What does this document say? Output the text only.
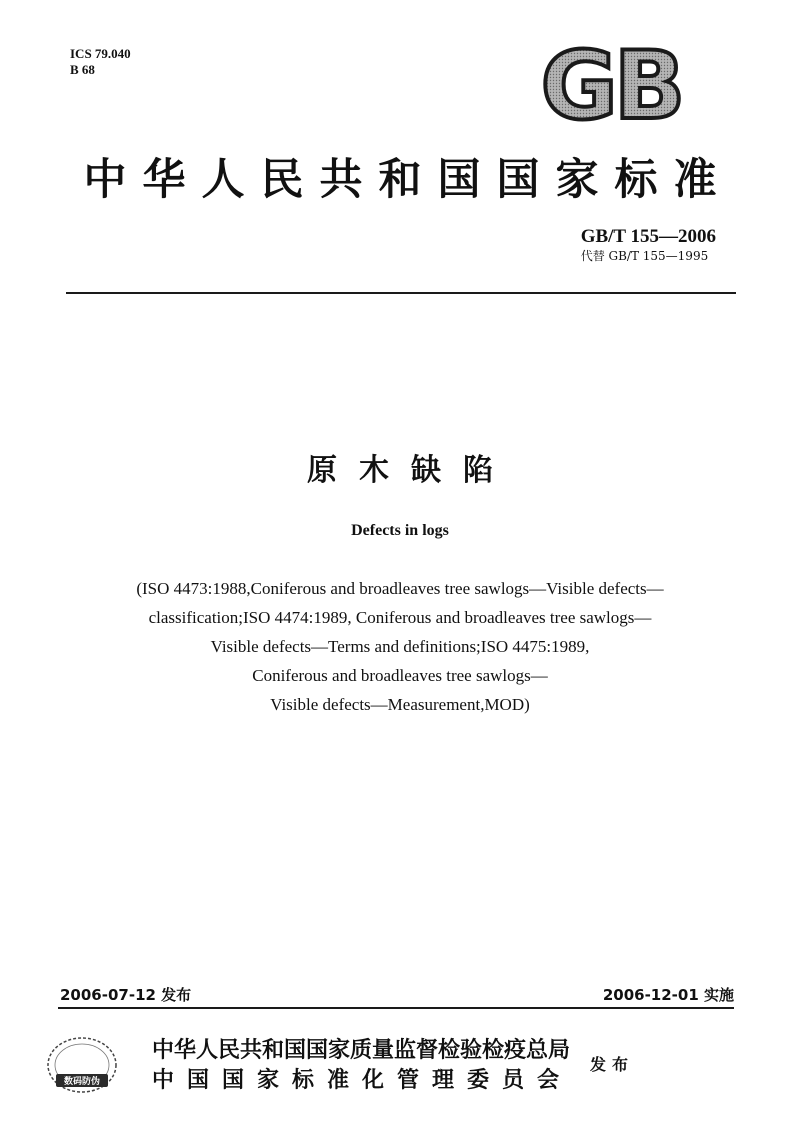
ICS 79.040
B 68	GB
中华人民共和国国家标准
GB/T 155—2006
代替 GB/T 155—1995
原木缺陷
Defects in logs
(ISO 4473:1988,Coniferous and broadleaves tree sawlogs—Visible defects—
classification;ISO 4474:1989, Coniferous and broadleaves tree sawlogs—
Visible defects—Terms and definitions;ISO 4475:1989,
Coniferous and broadleaves tree sawlogs—
Visible defects—Measurement,MOD)
2006-07-12 发布	2006-12-01 实施
数码防伪
中华人民共和国国家质量监督检验检疫总局
中国国家标准化管理委员会
发布
